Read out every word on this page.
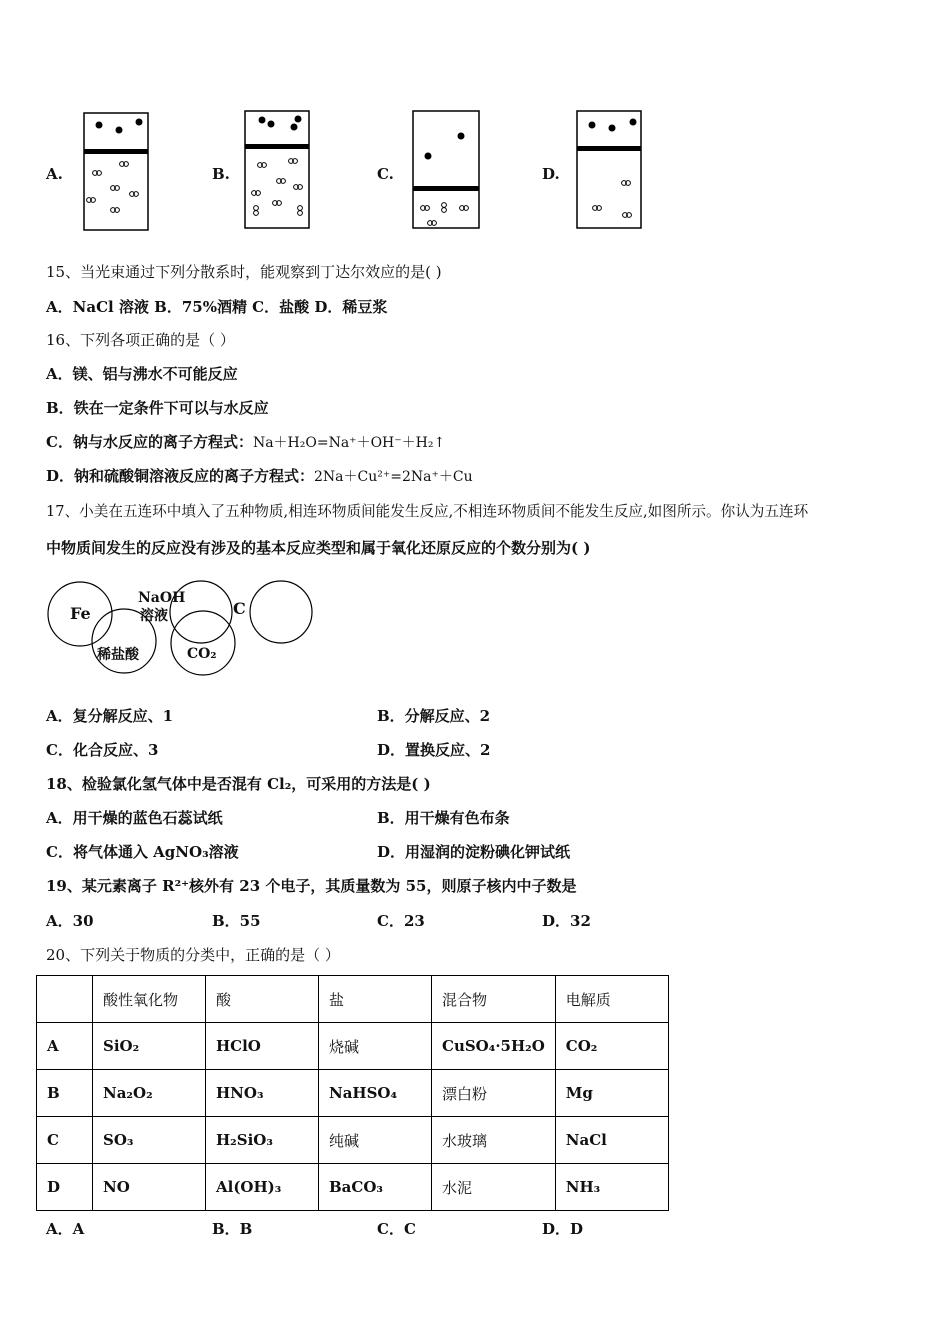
A.	B.	C.	D.
15、当光束通过下列分散系时，能观察到丁达尔效应的是( )
A．NaCl 溶液 B．75%酒精 C．盐酸 D．稀豆浆
16、下列各项正确的是（ ）
A．镁、铝与沸水不可能反应
B．铁在一定条件下可以与水反应
C．钠与水反应的离子方程式：Na＋H₂O=Na⁺＋OH⁻＋H₂↑
D．钠和硫酸铜溶液反应的离子方程式：2Na＋Cu²⁺=2Na⁺＋Cu
17、小美在五连环中填入了五种物质,相连环物质间能发生反应,不相连环物质间不能发生反应,如图所示。你认为五连环
中物质间发生的反应没有涉及的基本反应类型和属于氧化还原反应的个数分别为( )
Fe
NaOH
溶液	C
稀盐酸	CO₂
A．复分解反应、1	B．分解反应、2
C．化合反应、3	D．置换反应、2
18、检验氯化氢气体中是否混有 Cl₂，可采用的方法是( )
A．用干燥的蓝色石蕊试纸	B．用干燥有色布条
C．将气体通入 AgNO₃溶液	D．用湿润的淀粉碘化钾试纸
19、某元素离子 R²⁺核外有 23 个电子，其质量数为 55，则原子核内中子数是
A．30	B．55	C．23	D．32
20、下列关于物质的分类中，正确的是（ ）
	酸性氧化物	酸	盐	混合物	电解质
A	SiO₂	HClO	烧碱	CuSO₄·5H₂O	CO₂
B	Na₂O₂	HNO₃	NaHSO₄	漂白粉	Mg
C	SO₃	H₂SiO₃	纯碱	水玻璃	NaCl
D	NO	Al(OH)₃	BaCO₃	水泥	NH₃
A．A	B．B	C．C	D．D
